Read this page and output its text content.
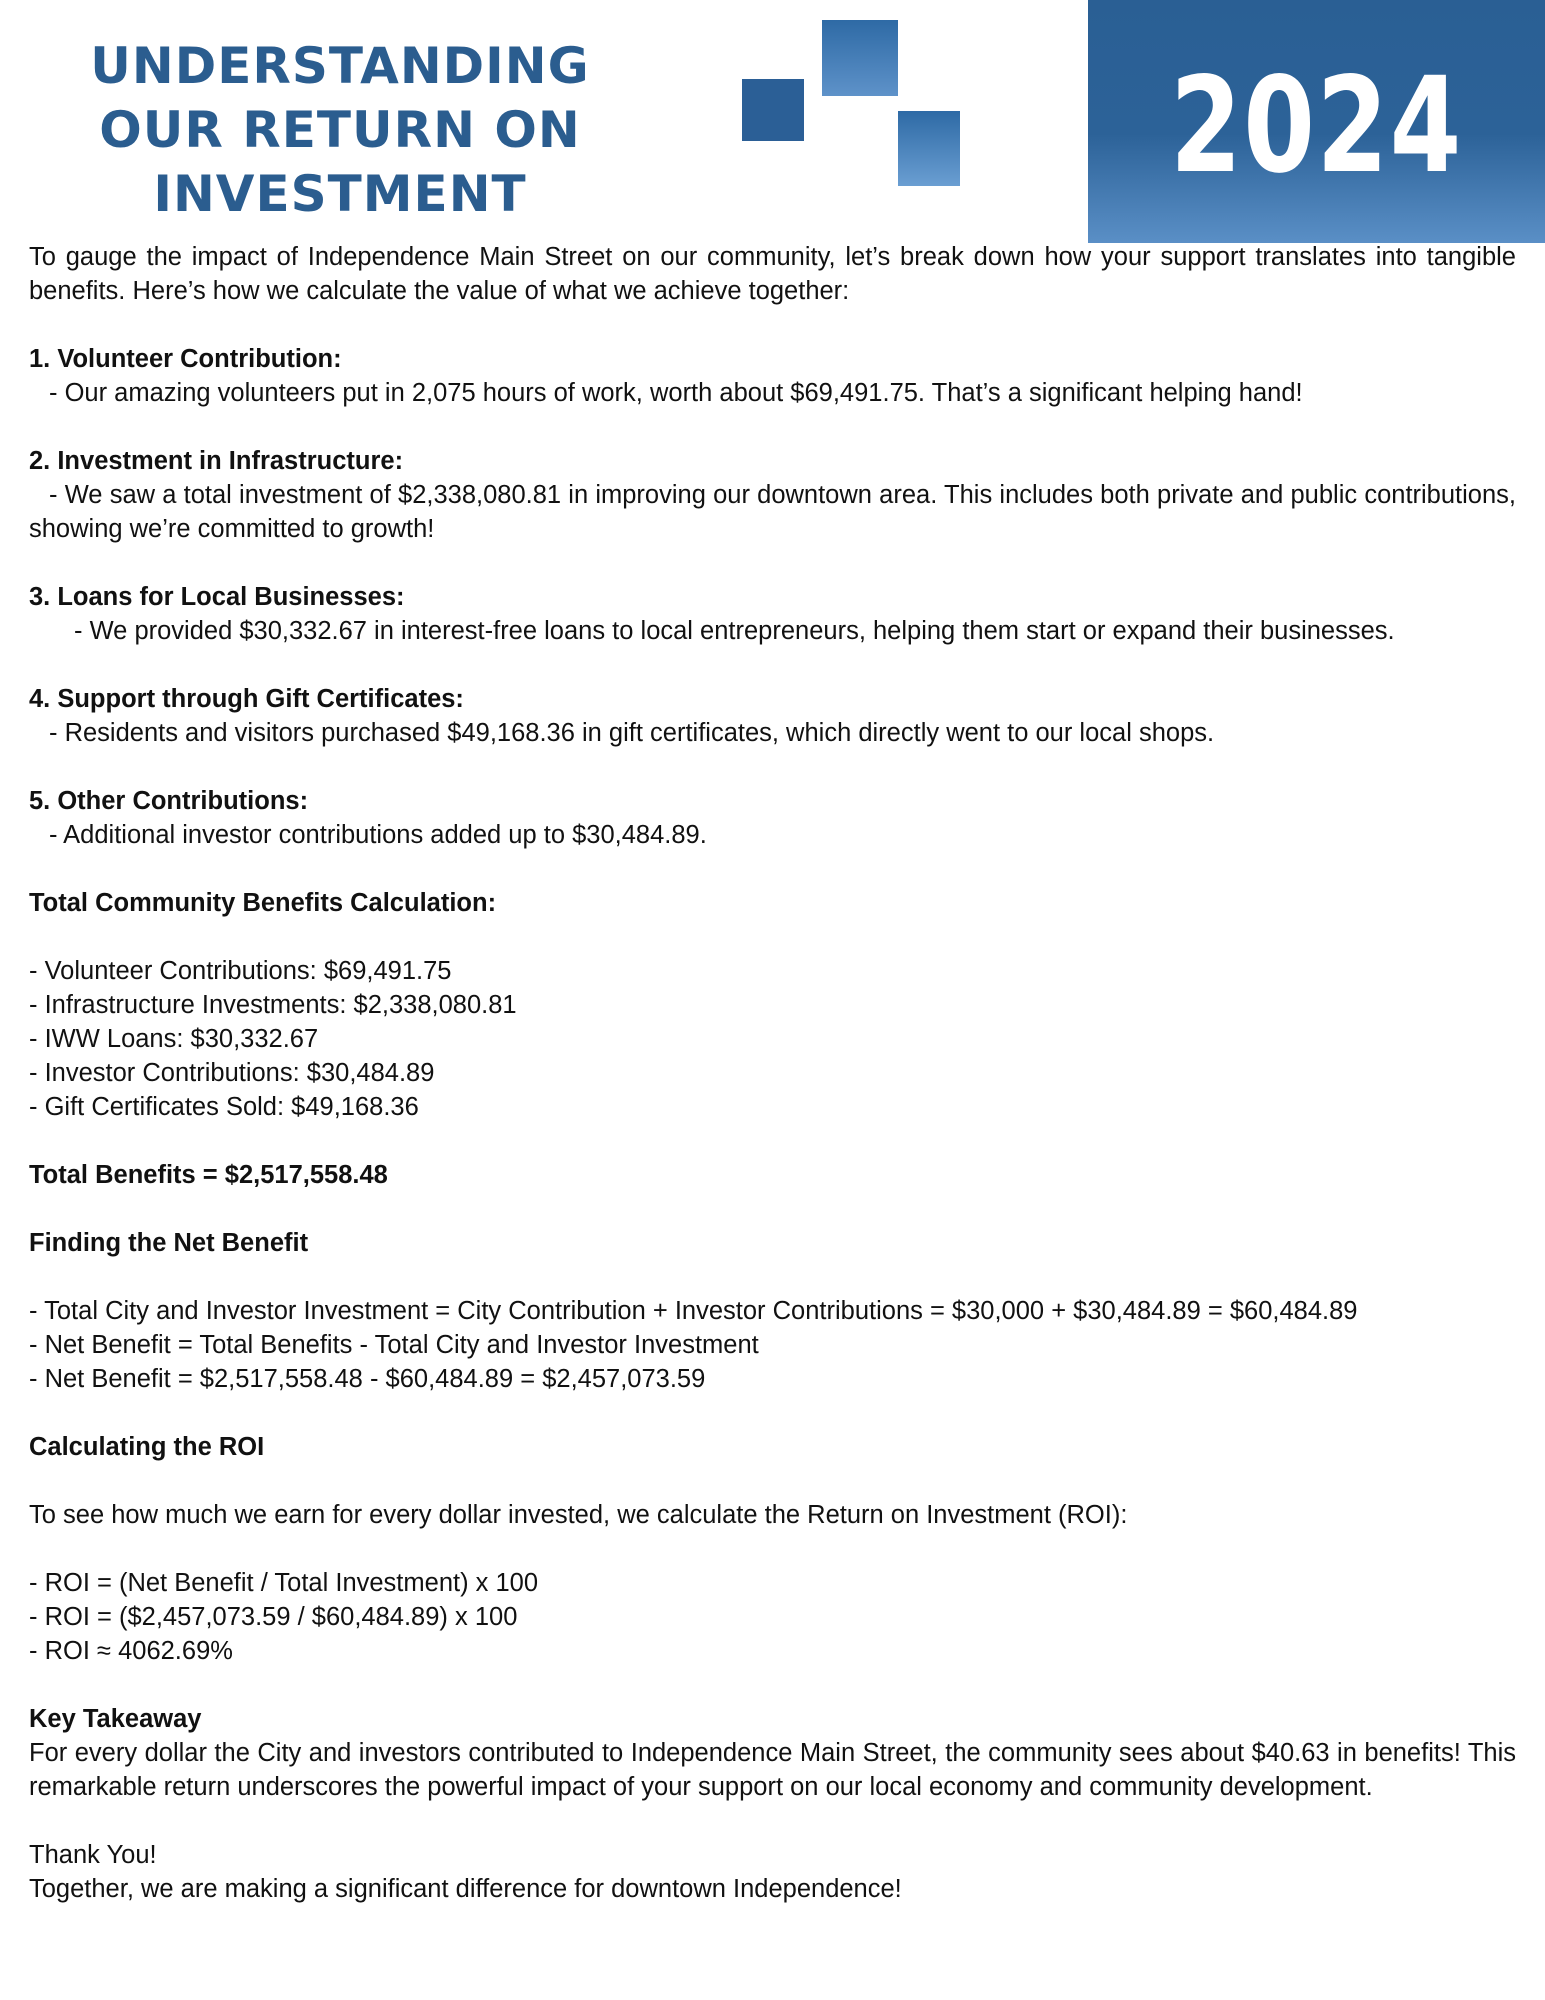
UNDERSTANDING
OUR RETURN ON
INVESTMENT	2024

To gauge the impact of Independence Main Street on our community, let’s break down how your support translates into tangible benefits. Here’s how we calculate the value of what we achieve together:

1. Volunteer Contribution:

- Our amazing volunteers put in 2,075 hours of work, worth about $69,491.75. That’s a significant helping hand!

2. Investment in Infrastructure:

- We saw a total investment of $2,338,080.81 in improving our downtown area. This includes both private and public contributions, showing we’re committed to growth!

3. Loans for Local Businesses:

- We provided $30,332.67 in interest-free loans to local entrepreneurs, helping them start or expand their businesses.

4. Support through Gift Certificates:

- Residents and visitors purchased $49,168.36 in gift certificates, which directly went to our local shops.

5. Other Contributions:

- Additional investor contributions added up to $30,484.89.

Total Community Benefits Calculation:

- Volunteer Contributions: $69,491.75

- Infrastructure Investments: $2,338,080.81

- IWW Loans: $30,332.67

- Investor Contributions: $30,484.89

- Gift Certificates Sold: $49,168.36

Total Benefits = $2,517,558.48

Finding the Net Benefit

- Total City and Investor Investment = City Contribution + Investor Contributions = $30,000 + $30,484.89 = $60,484.89

- Net Benefit = Total Benefits - Total City and Investor Investment

- Net Benefit = $2,517,558.48 - $60,484.89 = $2,457,073.59

Calculating the ROI

To see how much we earn for every dollar invested, we calculate the Return on Investment (ROI):

- ROI = (Net Benefit / Total Investment) x 100

- ROI = ($2,457,073.59 / $60,484.89) x 100

- ROI ≈ 4062.69%

Key Takeaway

For every dollar the City and investors contributed to Independence Main Street, the community sees about $40.63 in benefits! This remarkable return underscores the powerful impact of your support on our local economy and community development.

Thank You!

Together, we are making a significant difference for downtown Independence!
